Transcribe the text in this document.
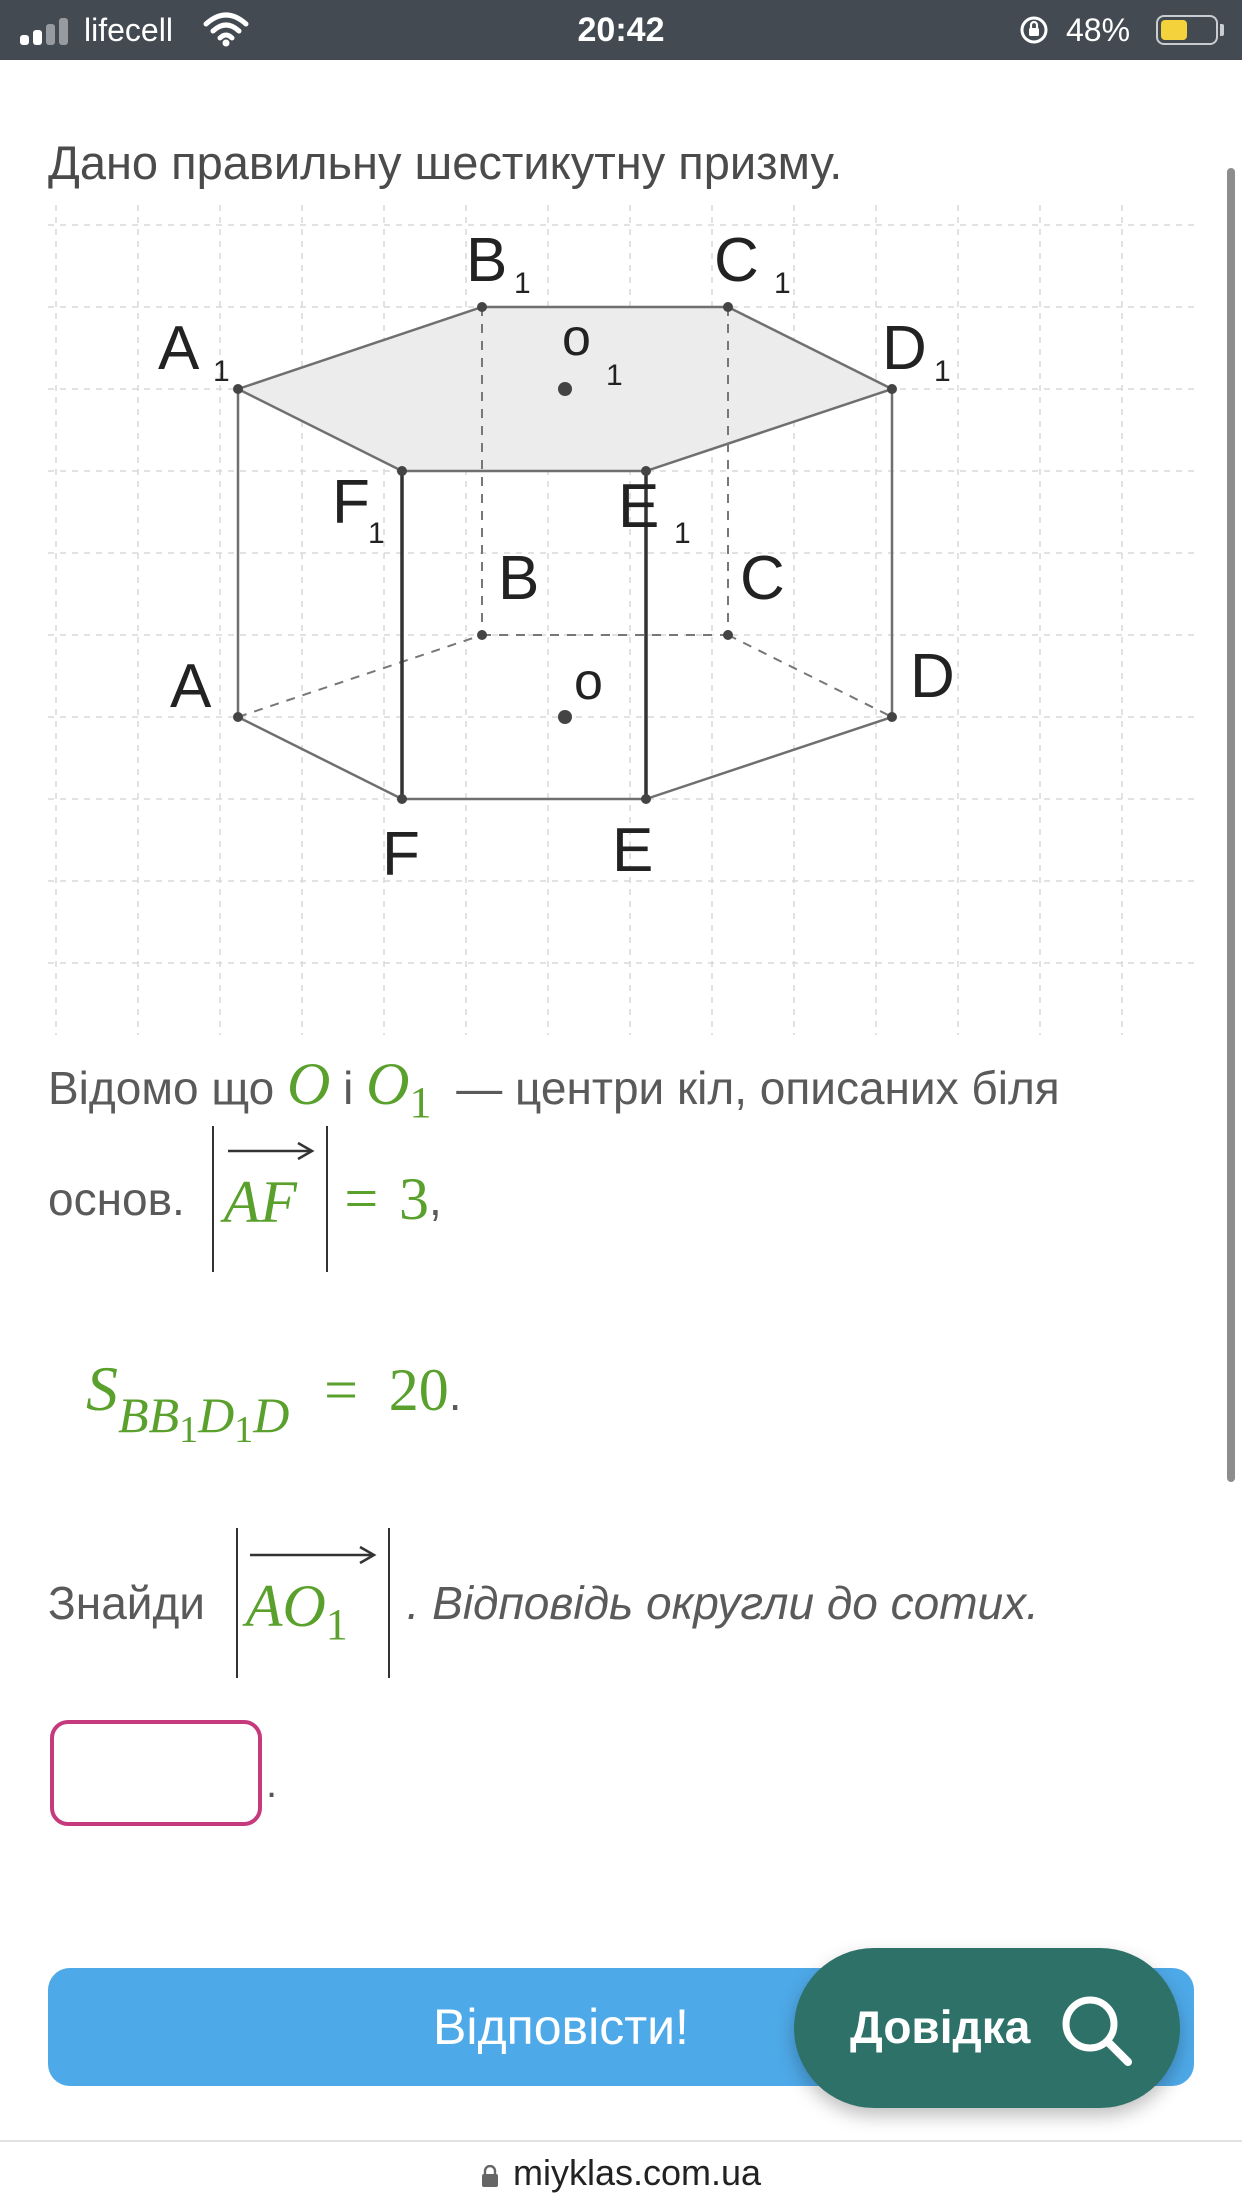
lifecell	20:42	48%
Дано правильну шестикутну призму.
A 1
B 1	C 1
D 1
o
1
F
1	E 1
B	C
A	D
o
F	E
Відомо що O і $O_1$ — центри кіл, описаних біля
основ. AF = 3,
$SBB_1D_1D = 20$.
Знайди $AO_1$ . Відповідь округли до сотих.
.
Відповісти!	Довідка
miyklas.com.ua
